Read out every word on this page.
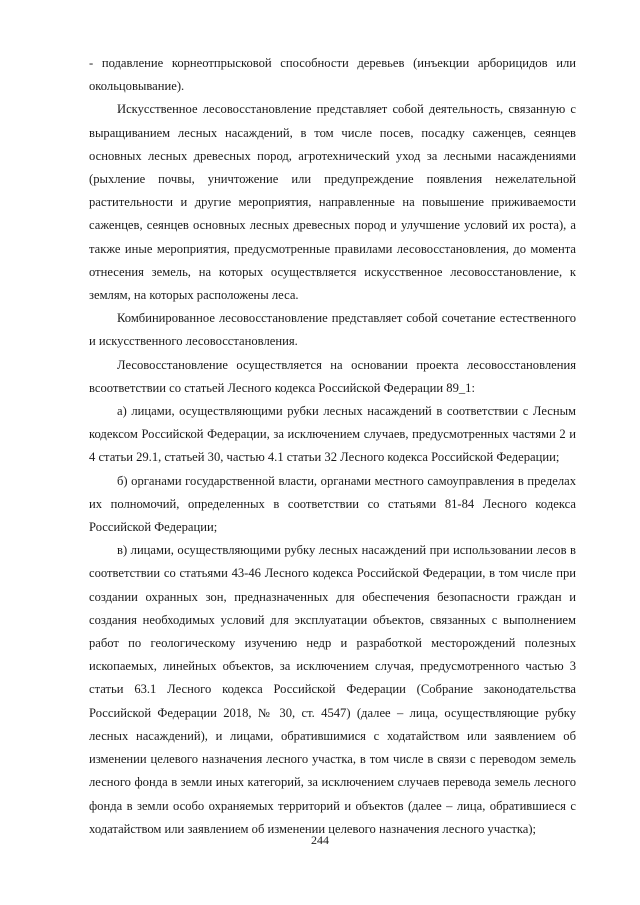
- подавление корнеотпрысковой способности деревьев (инъекции арборицидов или окольцовывание).

Искусственное лесовосстановление представляет собой деятельность, связанную с выращиванием лесных насаждений, в том числе посев, посадку саженцев, сеянцев основных лесных древесных пород, агротехнический уход за лесными насаждениями (рыхление почвы, уничтожение или предупреждение появления нежелательной растительности и другие мероприятия, направленные на повышение приживаемости саженцев, сеянцев основных лесных древесных пород и улучшение условий их роста), а также иные мероприятия, предусмотренные правилами лесовосстановления, до момента отнесения земель, на которых осуществляется искусственное лесовосстановление, к землям, на которых расположены леса.

Комбинированное лесовосстановление представляет собой сочетание естественного и искусственного лесовосстановления.

Лесовосстановление осуществляется на основании проекта лесовосстановления всоответствии со статьей Лесного кодекса Российской Федерации 89_1:

а) лицами, осуществляющими рубки лесных насаждений в соответствии с Лесным кодексом Российской Федерации, за исключением случаев, предусмотренных частями 2 и 4 статьи 29.1, статьей 30, частью 4.1 статьи 32 Лесного кодекса Российской Федерации;

б) органами государственной власти, органами местного самоуправления в пределах их полномочий, определенных в соответствии со статьями 81-84 Лесного кодекса Российской Федерации;

в) лицами, осуществляющими рубку лесных насаждений при использовании лесов в соответствии со статьями 43-46 Лесного кодекса Российской Федерации, в том числе при создании охранных зон, предназначенных для обеспечения безопасности граждан и создания необходимых условий для эксплуатации объектов, связанных с выполнением работ по геологическому изучению недр и разработкой месторождений полезных ископаемых, линейных объектов, за исключением случая, предусмотренного частью 3 статьи 63.1 Лесного кодекса Российской Федерации (Собрание законодательства Российской Федерации 2018, № 30, ст. 4547) (далее – лица, осуществляющие рубку лесных насаждений), и лицами, обратившимися с ходатайством или заявлением об изменении целевого назначения лесного участка, в том числе в связи с переводом земель лесного фонда в земли иных категорий, за исключением случаев перевода земель лесного фонда в земли особо охраняемых территорий и объектов (далее – лица, обратившиеся с ходатайством или заявлением об изменении целевого назначения лесного участка);

244
